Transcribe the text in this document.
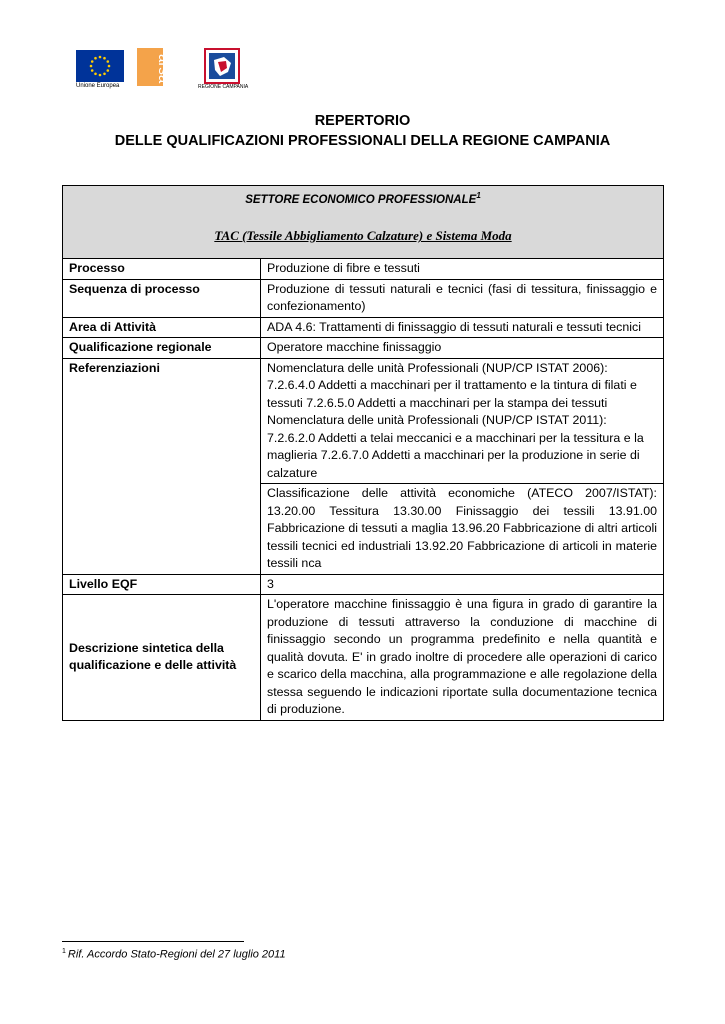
Unione Europea
arsa
REGIONE CAMPANIA
REPERTORIO
DELLE QUALIFICAZIONI PROFESSIONALI DELLA REGIONE CAMPANIA
SETTORE ECONOMICO PROFESSIONALE$^1$
TAC (Tessile Abbigliamento Calzature) e Sistema Moda	

Processo	Produzione di fibre e tessuti
Sequenza di processo	Produzione di tessuti naturali e tecnici (fasi di tessitura, finissaggio e confezionamento)
Area di Attività	ADA 4.6: Trattamenti di finissaggio di tessuti naturali e tessuti tecnici
Qualificazione regionale	Operatore macchine finissaggio
Referenziazioni	Nomenclatura delle unità Professionali (NUP/CP ISTAT 2006): 7.2.6.4.0 Addetti a macchinari per il trattamento e la tintura di filati e tessuti 7.2.6.5.0 Addetti a macchinari per la stampa dei tessuti
Nomenclatura delle unità Professionali (NUP/CP ISTAT 2011): 7.2.6.2.0 Addetti a telai meccanici e a macchinari per la tessitura e la maglieria 7.2.6.7.0 Addetti a macchinari per la produzione in serie di calzature

	Classificazione delle attività economiche (ATECO 2007/ISTAT): 13.20.00 Tessitura 13.30.00 Finissaggio dei tessili 13.91.00 Fabbricazione di tessuti a maglia 13.96.20 Fabbricazione di altri articoli tessili tecnici ed industriali 13.92.20 Fabbricazione di articoli in materie tessili nca
Livello EQF	3
Descrizione sintetica della qualificazione e delle attività	L'operatore macchine finissaggio è una figura in grado di garantire la produzione di tessuti attraverso la conduzione di macchine di finissaggio secondo un programma predefinito e nella quantità e qualità dovuta. E' in grado inoltre di procedere alle operazioni di carico e scarico della macchina, alla programmazione e alle regolazione della stessa seguendo le indicazioni riportate sulla documentazione tecnica di produzione.
$^1$ Rif. Accordo Stato-Regioni del 27 luglio 2011
